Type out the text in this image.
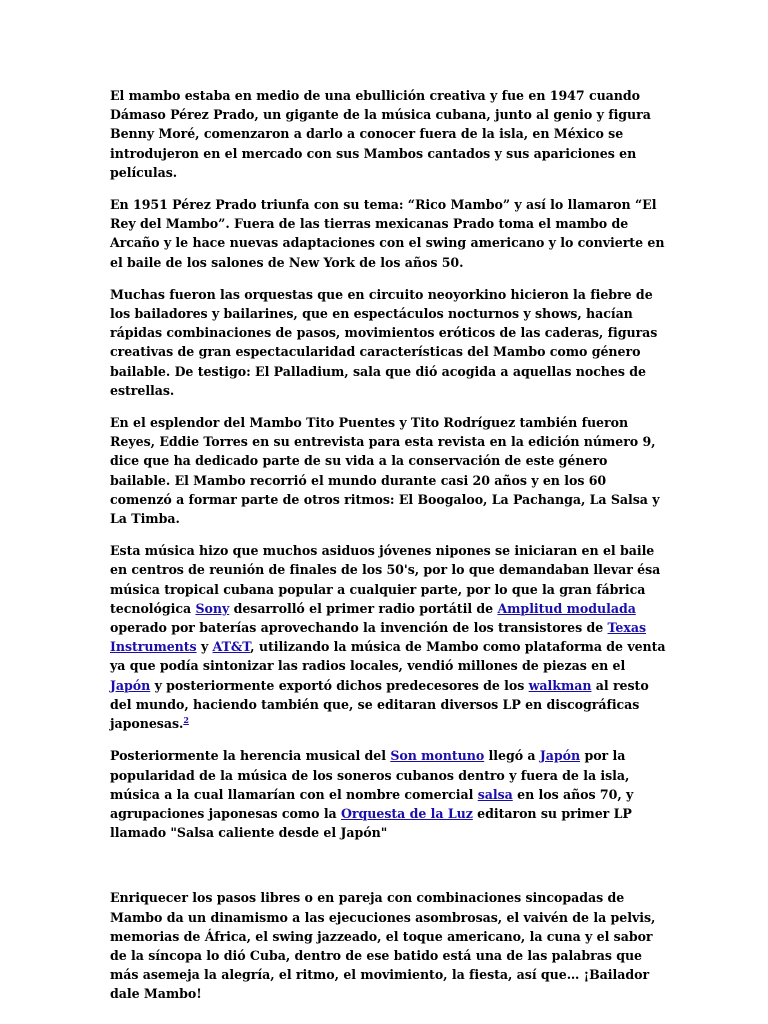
El mambo estaba en medio de una ebullición creativa y fue en 1947 cuando Dámaso Pérez Prado, un gigante de la música cubana, junto al genio y figura Benny Moré, comenzaron a darlo a conocer fuera de la isla, en México se introdujeron en el mercado con sus Mambos cantados y sus apariciones en películas.

En 1951 Pérez Prado triunfa con su tema: “Rico Mambo” y así lo llamaron “El Rey del Mambo”. Fuera de las tierras mexicanas Prado toma el mambo de Arcaño y le hace nuevas adaptaciones con el swing americano y lo convierte en el baile de los salones de New York de los años 50.

Muchas fueron las orquestas que en circuito neoyorkino hicieron la fiebre de los bailadores y bailarines, que en espectáculos nocturnos y shows, hacían rápidas combinaciones de pasos, movimientos eróticos de las caderas, figuras creativas de gran espectacularidad características del Mambo como género bailable. De testigo: El Palladium, sala que dió acogida a aquellas noches de estrellas.

En el esplendor del Mambo Tito Puentes y Tito Rodríguez también fueron Reyes, Eddie Torres en su entrevista para esta revista en la edición número 9, dice que ha dedicado parte de su vida a la conservación de este género bailable. El Mambo recorrió el mundo durante casi 20 años y en los 60 comenzó a formar parte de otros ritmos: El Boogaloo, La Pachanga, La Salsa y La Timba.

Esta música hizo que muchos asiduos jóvenes nipones se iniciaran en el baile en centros de reunión de finales de los 50's, por lo que demandaban llevar ésa música tropical cubana popular a cualquier parte, por lo que la gran fábrica tecnológica Sony desarrolló el primer radio portátil de Amplitud modulada operado por baterías aprovechando la invención de los transistores de Texas Instruments y AT&T, utilizando la música de Mambo como plataforma de venta ya que podía sintonizar las radios locales, vendió millones de piezas en el Japón y posteriormente exportó dichos predecesores de los walkman al resto del mundo, haciendo también que, se editaran diversos LP en discográficas japonesas.$^2$

Posteriormente la herencia musical del Son montuno llegó a Japón por la popularidad de la música de los soneros cubanos dentro y fuera de la isla, música a la cual llamarían con el nombre comercial salsa en los años 70, y agrupaciones japonesas como la Orquesta de la Luz editaron su primer LP llamado "Salsa caliente desde el Japón"

Enriquecer los pasos libres o en pareja con combinaciones sincopadas de Mambo da un dinamismo a las ejecuciones asombrosas, el vaivén de la pelvis, memorias de África, el swing jazzeado, el toque americano, la cuna y el sabor de la síncopa lo dió Cuba, dentro de ese batido está una de las palabras que más asemeja la alegría, el ritmo, el movimiento, la fiesta, así que… ¡Bailador dale Mambo!
